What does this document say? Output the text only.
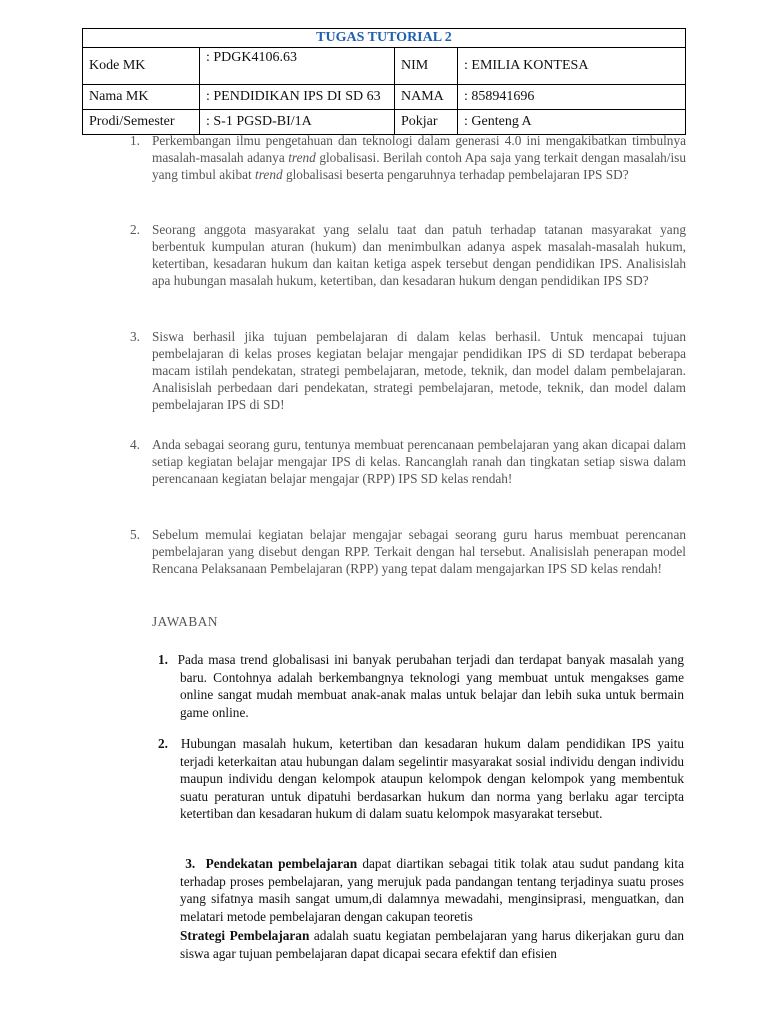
TUGAS TUTORIAL 2			
Kode MK	: PDGK4106.63	NIM	: EMILIA KONTESA
Nama MK	: PENDIDIKAN IPS DI SD 63	NAMA	: 858941696
Prodi/Semester	: S-1 PGSD-BI/1A	Pokjar	: Genteng A
1. Perkembangan ilmu pengetahuan dan teknologi dalam generasi 4.0 ini mengakibatkan timbulnya masalah-masalah adanya trend globalisasi. Berilah contoh Apa saja yang terkait dengan masalah/isu yang timbul akibat trend globalisasi beserta pengaruhnya terhadap pembelajaran IPS SD?
2. Seorang anggota masyarakat yang selalu taat dan patuh terhadap tatanan masyarakat yang berbentuk kumpulan aturan (hukum) dan menimbulkan adanya aspek masalah-masalah hukum, ketertiban, kesadaran hukum dan kaitan ketiga aspek tersebut dengan pendidikan IPS. Analisislah apa hubungan masalah hukum, ketertiban, dan kesadaran hukum dengan pendidikan IPS SD?
3. Siswa berhasil jika tujuan pembelajaran di dalam kelas berhasil. Untuk mencapai tujuan pembelajaran di kelas proses kegiatan belajar mengajar pendidikan IPS di SD terdapat beberapa macam istilah pendekatan, strategi pembelajaran, metode, teknik, dan model dalam pembelajaran. Analisislah perbedaan dari pendekatan, strategi pembelajaran, metode, teknik, dan model dalam pembelajaran IPS di SD!
4. Anda sebagai seorang guru, tentunya membuat perencanaan pembelajaran yang akan dicapai dalam setiap kegiatan belajar mengajar IPS di kelas. Rancanglah ranah dan tingkatan setiap siswa dalam perencanaan kegiatan belajar mengajar (RPP) IPS SD kelas rendah!
5. Sebelum memulai kegiatan belajar mengajar sebagai seorang guru harus membuat perencanan pembelajaran yang disebut dengan RPP. Terkait dengan hal tersebut. Analisislah penerapan model Rencana Pelaksanaan Pembelajaran (RPP) yang tepat dalam mengajarkan IPS SD kelas rendah!
JAWABAN
1. Pada masa trend globalisasi ini banyak perubahan terjadi dan terdapat banyak masalah yang baru. Contohnya adalah berkembangnya teknologi yang membuat untuk mengakses game online sangat mudah membuat anak-anak malas untuk belajar dan lebih suka untuk bermain game online.
2. Hubungan masalah hukum, ketertiban dan kesadaran hukum dalam pendidikan IPS yaitu terjadi keterkaitan atau hubungan dalam segelintir masyarakat sosial individu dengan individu maupun individu dengan kelompok ataupun kelompok dengan kelompok yang membentuk suatu peraturan untuk dipatuhi berdasarkan hukum dan norma yang berlaku agar tercipta ketertiban dan kesadaran hukum di dalam suatu kelompok masyarakat tersebut.
3. Pendekatan pembelajaran dapat diartikan sebagai titik tolak atau sudut pandang kita terhadap proses pembelajaran, yang merujuk pada pandangan tentang terjadinya suatu proses yang sifatnya masih sangat umum,di dalamnya mewadahi, menginsiprasi, menguatkan, dan melatari metode pembelajaran dengan cakupan teoretis
Strategi Pembelajaran adalah suatu kegiatan pembelajaran yang harus dikerjakan guru dan siswa agar tujuan pembelajaran dapat dicapai secara efektif dan efisien
